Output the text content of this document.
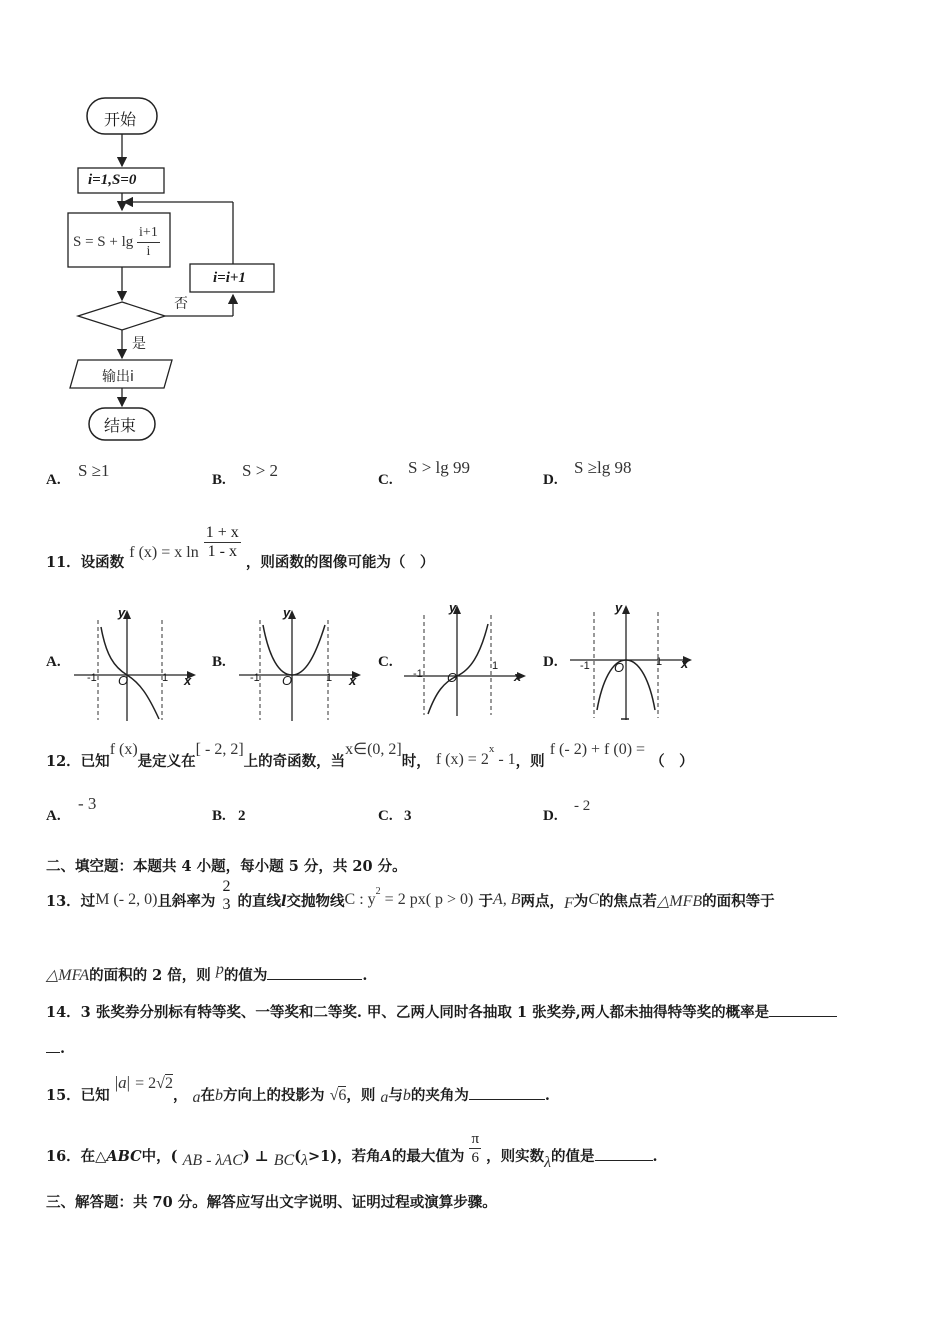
开始
i=1,S=0
$S = S + \lg \frac{i+1}{i}$
i=i+1
否
是
输出i
结束
A. S ≥1	B. S > 2	C.
S > lg 99
D.
S ≥lg 98
11．设函数 f (x) = x $\ln \frac{1 + x}{1 - x}$
，则函数的图像可能为（　）
A.	B.	C.	D.
y
x
-1	1
O
y
x
-1	1
O
y
x
-1
1
O
y
x
-1	1
O
12．已知f (x)是定义在[ - 2, 2]上的奇函数，当x∈(0, 2]时， f $(x) = 2^x - 1$，则 f (- 2) + f (0) = （　）
A.
- 3
B. 2	C. 3	D.
- 2
二、填空题：本题共 4 小题，每小题 5 分，共 20 分。
13．过M (- 2, 0)且斜率为
2
3 的直线l交抛物线C : $y^2 = 2$ px( p > 0) 于A, B两点，F为C的焦点若△MFB的面积等于
△MFA的面积的 2 倍，则 p的值为	.
14．3 张奖券分别标有特等奖、一等奖和二等奖. 甲、乙两人同时各抽取 1 张奖券,两人都未抽得特等奖的概率是
.
15．已知 |a| = 2√2， a在b方向上的投影为 √6，则 a与b的夹角为	.
16．在△ABC中，( AB - λAC) ⊥ BC(λ>1)，若角A的最大值为 $\frac{\pi}{6}$ ，则实数λ的值是	.
三、解答题：共 70 分。解答应写出文字说明、证明过程或演算步骤。
